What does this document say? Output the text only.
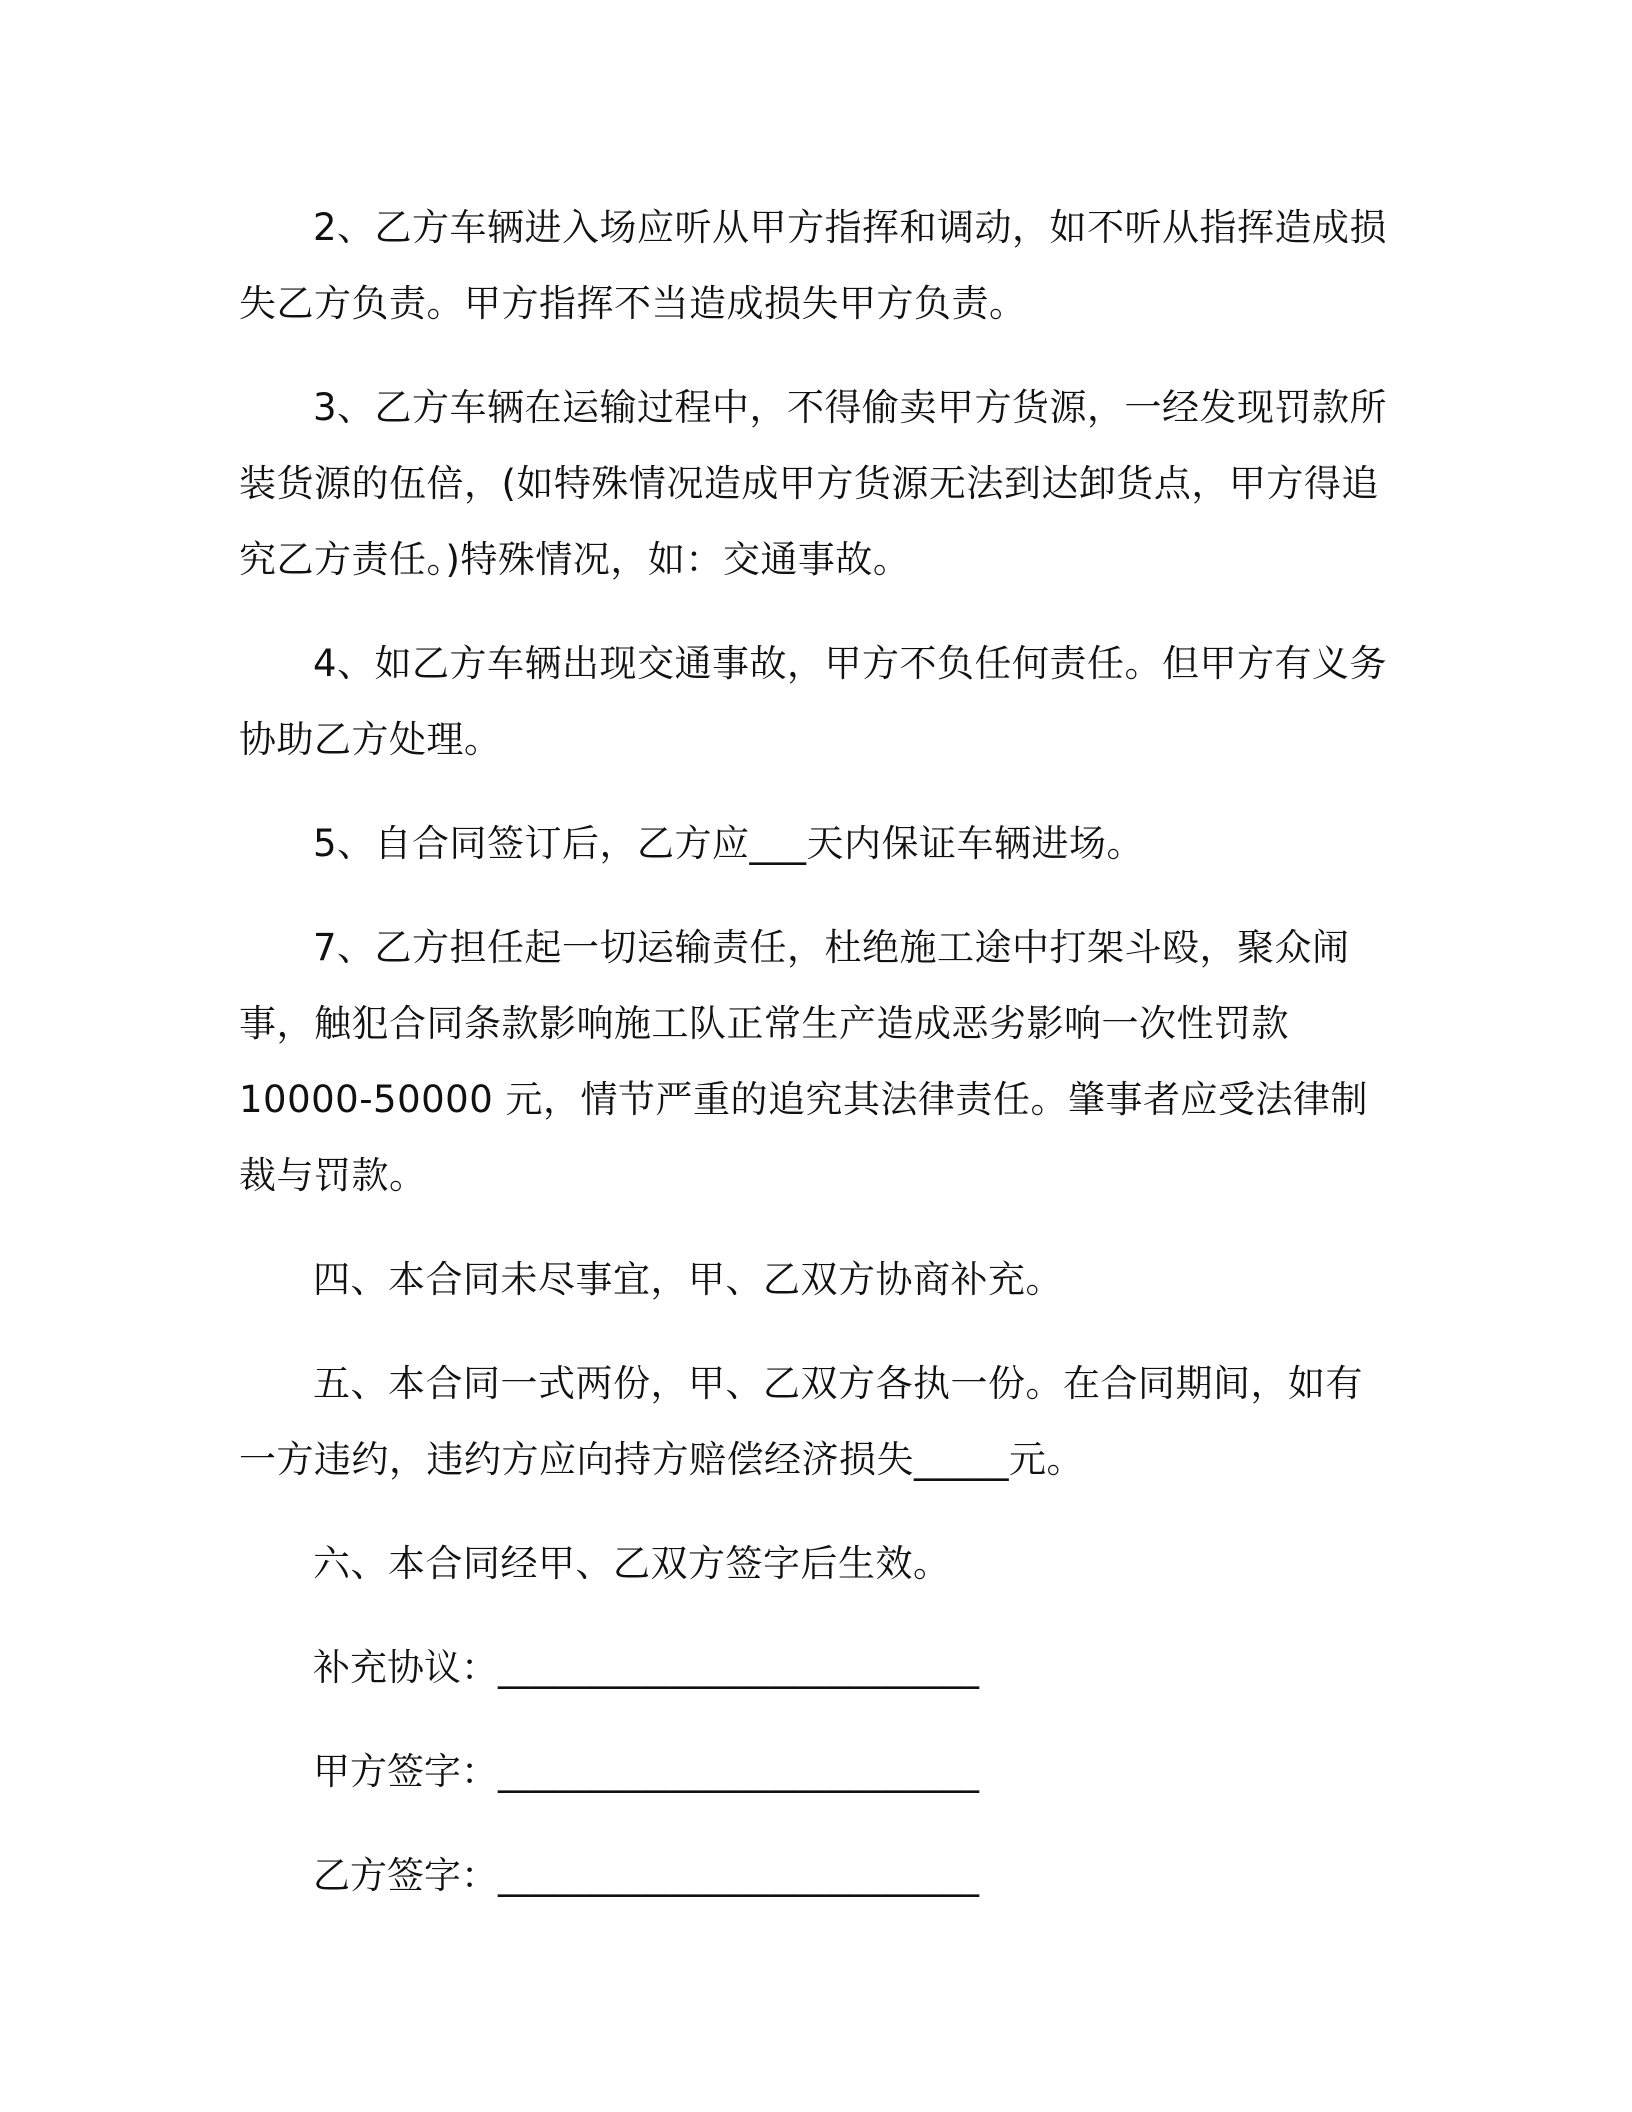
2、乙方车辆进入场应听从甲方指挥和调动，如不听从指挥造成损失乙方负责。甲方指挥不当造成损失甲方负责。

3、乙方车辆在运输过程中，不得偷卖甲方货源，一经发现罚款所装货源的伍倍，(如特殊情况造成甲方货源无法到达卸货点，甲方得追究乙方责任。)特殊情况，如：交通事故。

4、如乙方车辆出现交通事故，甲方不负任何责任。但甲方有义务协助乙方处理。

5、自合同签订后，乙方应___天内保证车辆进场。

7、乙方担任起一切运输责任，杜绝施工途中打架斗殴，聚众闹事，触犯合同条款影响施工队正常生产造成恶劣影响一次性罚款 10000-50000 元，情节严重的追究其法律责任。肇事者应受法律制裁与罚款。

四、本合同未尽事宜，甲、乙双方协商补充。

五、本合同一式两份，甲、乙双方各执一份。在合同期间，如有一方违约，违约方应向持方赔偿经济损失_____元。

六、本合同经甲、乙双方签字后生效。

补充协议：__________________________

甲方签字：__________________________

乙方签字：__________________________
